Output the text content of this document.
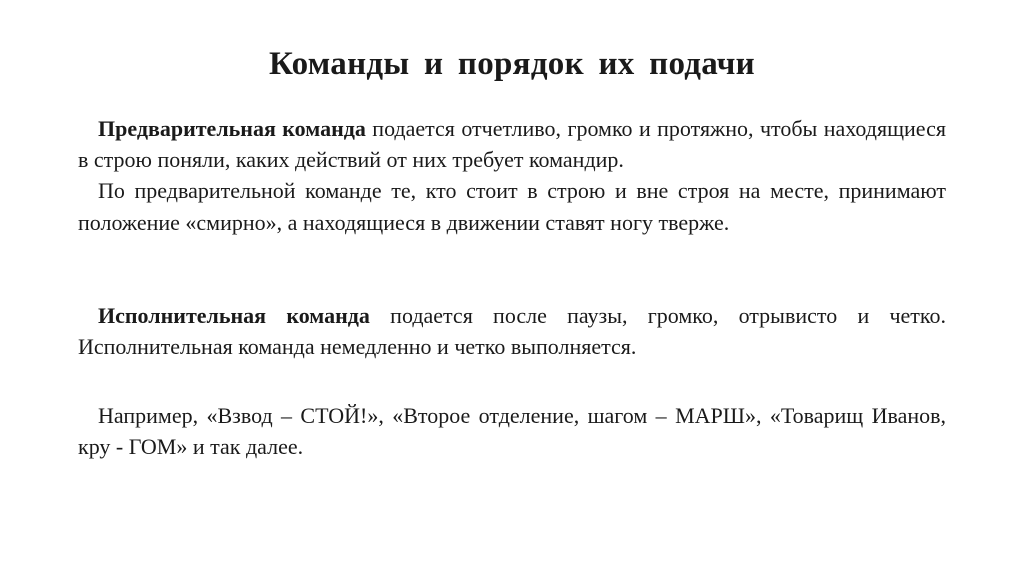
Команды и порядок их подачи

Предварительная команда подается отчетливо, громко и протяжно, чтобы находящиеся в строю поняли, каких действий от них требует командир.

По предварительной команде те, кто стоит в строю и вне строя на месте, принимают положение «смирно», а находящиеся в движении ставят ногу тверже.

Исполнительная команда подается после паузы, громко, отрывисто и четко. Исполнительная команда немедленно и четко выполняется.

Например, «Взвод – СТОЙ!», «Второе отделение, шагом – МАРШ», «Товарищ Иванов, кру - ГОМ» и так далее.
